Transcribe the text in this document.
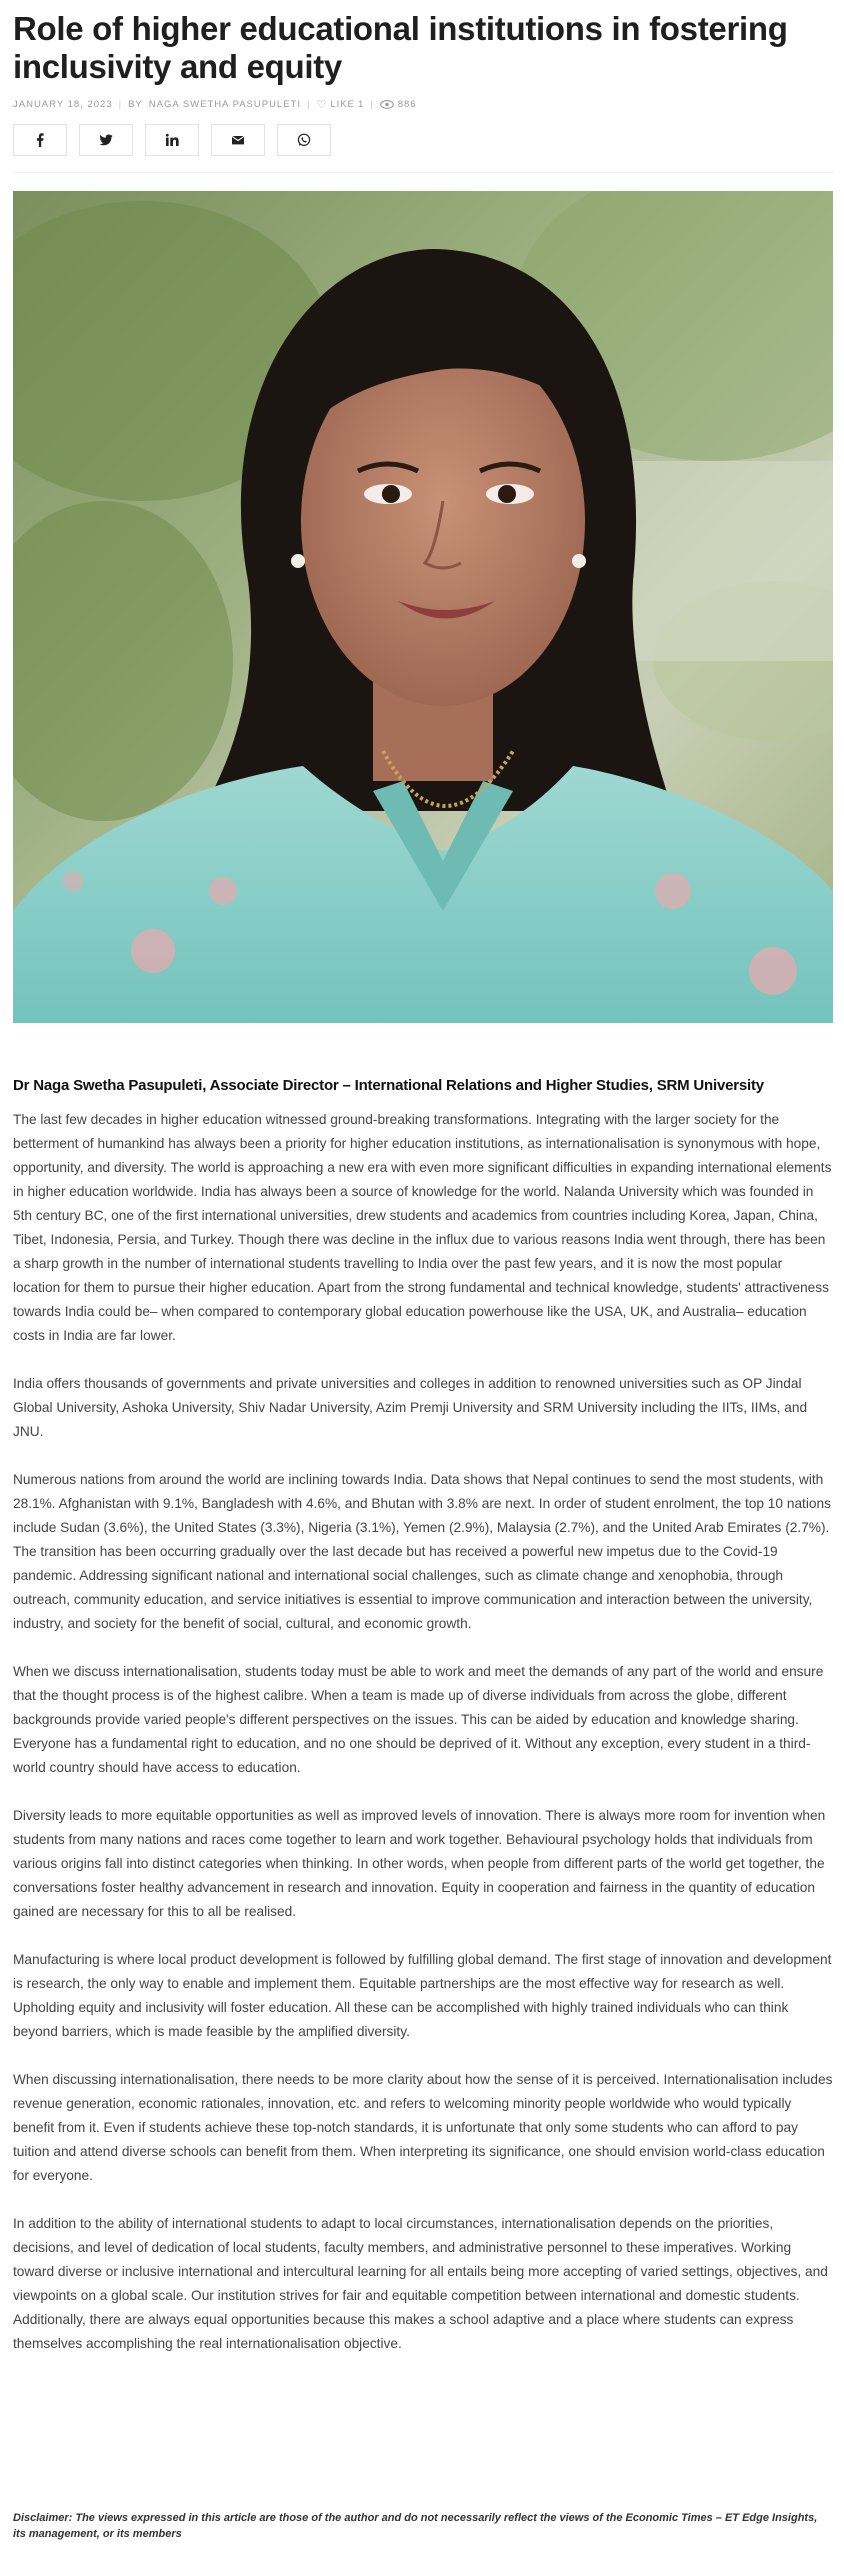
Role of higher educational institutions in fostering inclusivity and equity
JANUARY 18, 2023 | BY NAGA SWETHA PASUPULETI | ♡ LIKE 1 |	886
Dr Naga Swetha Pasupuleti, Associate Director – International Relations and Higher Studies, SRM University

The last few decades in higher education witnessed ground-breaking transformations. Integrating with the larger society for the betterment of humankind has always been a priority for higher education institutions, as internationalisation is synonymous with hope, opportunity, and diversity. The world is approaching a new era with even more significant difficulties in expanding international elements in higher education worldwide. India has always been a source of knowledge for the world. Nalanda University which was founded in 5th century BC, one of the first international universities, drew students and academics from countries including Korea, Japan, China, Tibet, Indonesia, Persia, and Turkey. Though there was decline in the influx due to various reasons India went through, there has been a sharp growth in the number of international students travelling to India over the past few years, and it is now the most popular location for them to pursue their higher education. Apart from the strong fundamental and technical knowledge, students' attractiveness towards India could be– when compared to contemporary global education powerhouse like the USA, UK, and Australia– education costs in India are far lower.

India offers thousands of governments and private universities and colleges in addition to renowned universities such as OP Jindal Global University, Ashoka University, Shiv Nadar University, Azim Premji University and SRM University including the IITs, IIMs, and JNU.

Numerous nations from around the world are inclining towards India. Data shows that Nepal continues to send the most students, with 28.1%. Afghanistan with 9.1%, Bangladesh with 4.6%, and Bhutan with 3.8% are next. In order of student enrolment, the top 10 nations include Sudan (3.6%), the United States (3.3%), Nigeria (3.1%), Yemen (2.9%), Malaysia (2.7%), and the United Arab Emirates (2.7%). The transition has been occurring gradually over the last decade but has received a powerful new impetus due to the Covid-19 pandemic. Addressing significant national and international social challenges, such as climate change and xenophobia, through outreach, community education, and service initiatives is essential to improve communication and interaction between the university, industry, and society for the benefit of social, cultural, and economic growth.

When we discuss internationalisation, students today must be able to work and meet the demands of any part of the world and ensure that the thought process is of the highest calibre. When a team is made up of diverse individuals from across the globe, different backgrounds provide varied people's different perspectives on the issues. This can be aided by education and knowledge sharing. Everyone has a fundamental right to education, and no one should be deprived of it. Without any exception, every student in a third-world country should have access to education.

Diversity leads to more equitable opportunities as well as improved levels of innovation. There is always more room for invention when students from many nations and races come together to learn and work together. Behavioural psychology holds that individuals from various origins fall into distinct categories when thinking. In other words, when people from different parts of the world get together, the conversations foster healthy advancement in research and innovation. Equity in cooperation and fairness in the quantity of education gained are necessary for this to all be realised.

Manufacturing is where local product development is followed by fulfilling global demand. The first stage of innovation and development is research, the only way to enable and implement them. Equitable partnerships are the most effective way for research as well. Upholding equity and inclusivity will foster education. All these can be accomplished with highly trained individuals who can think beyond barriers, which is made feasible by the amplified diversity.

When discussing internationalisation, there needs to be more clarity about how the sense of it is perceived. Internationalisation includes revenue generation, economic rationales, innovation, etc. and refers to welcoming minority people worldwide who would typically benefit from it. Even if students achieve these top-notch standards, it is unfortunate that only some students who can afford to pay tuition and attend diverse schools can benefit from them. When interpreting its significance, one should envision world-class education for everyone.

In addition to the ability of international students to adapt to local circumstances, internationalisation depends on the priorities, decisions, and level of dedication of local students, faculty members, and administrative personnel to these imperatives. Working toward diverse or inclusive international and intercultural learning for all entails being more accepting of varied settings, objectives, and viewpoints on a global scale. Our institution strives for fair and equitable competition between international and domestic students. Additionally, there are always equal opportunities because this makes a school adaptive and a place where students can express themselves accomplishing the real internationalisation objective.

Disclaimer: The views expressed in this article are those of the author and do not necessarily reflect the views of the Economic Times – ET Edge Insights, its management, or its members
